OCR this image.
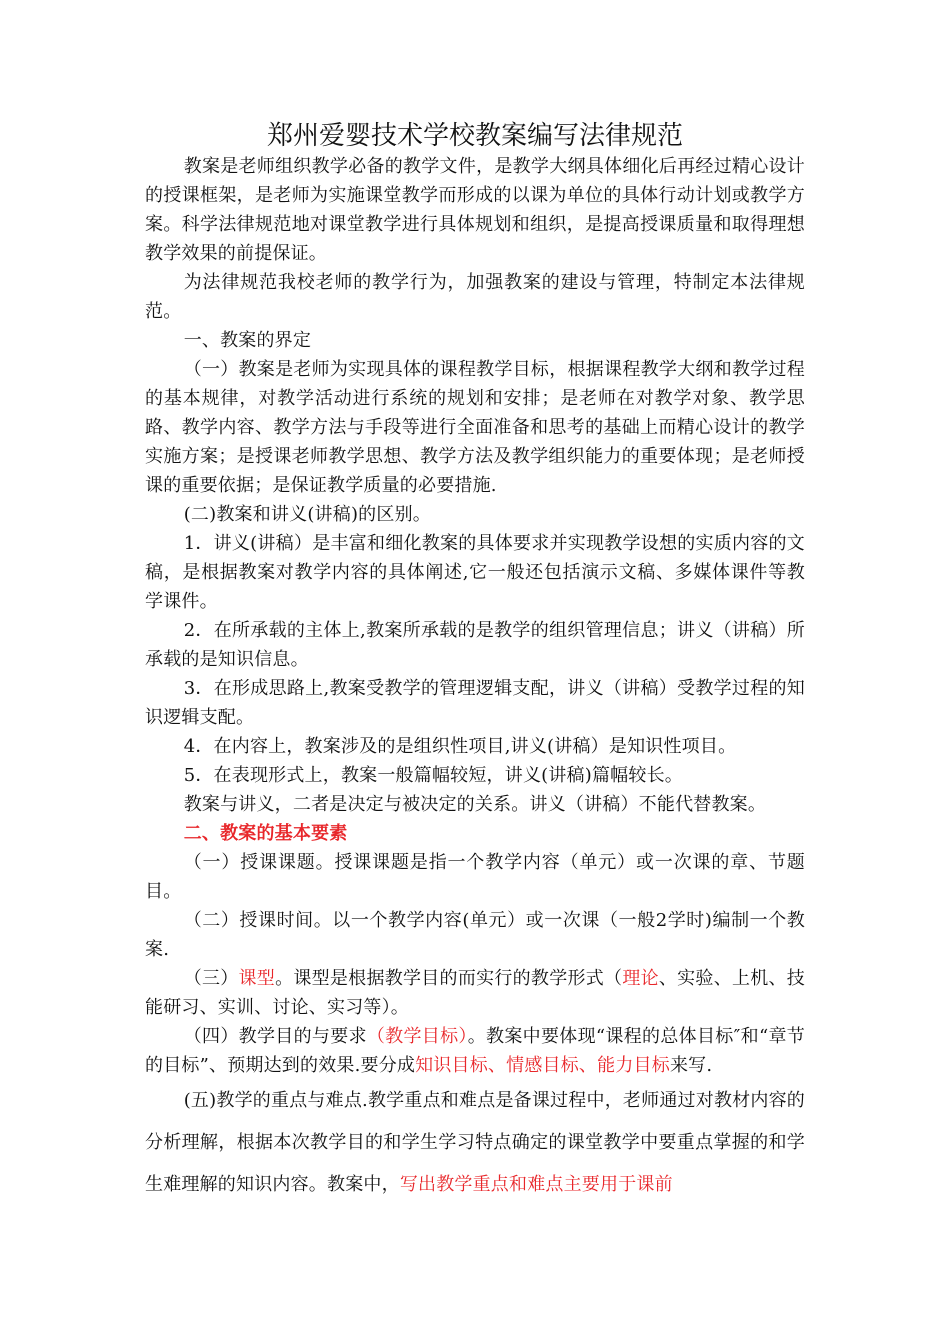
郑州爱婴技术学校教案编写法律规范

教案是老师组织教学必备的教学文件，是教学大纲具体细化后再经过精心设计的授课框架，是老师为实施课堂教学而形成的以课为单位的具体行动计划或教学方案。科学法律规范地对课堂教学进行具体规划和组织，是提高授课质量和取得理想教学效果的前提保证。

为法律规范我校老师的教学行为，加强教案的建设与管理，特制定本法律规范。

一、教案的界定

（一）教案是老师为实现具体的课程教学目标，根据课程教学大纲和教学过程的基本规律，对教学活动进行系统的规划和安排；是老师在对教学对象、教学思路、教学内容、教学方法与手段等进行全面准备和思考的基础上而精心设计的教学实施方案；是授课老师教学思想、教学方法及教学组织能力的重要体现；是老师授课的重要依据；是保证教学质量的必要措施.

(二)教案和讲义(讲稿)的区别。

1．讲义(讲稿）是丰富和细化教案的具体要求并实现教学设想的实质内容的文稿，是根据教案对教学内容的具体阐述,它一般还包括演示文稿、多媒体课件等教学课件。

2．在所承载的主体上,教案所承载的是教学的组织管理信息；讲义（讲稿）所承载的是知识信息。

3．在形成思路上,教案受教学的管理逻辑支配，讲义（讲稿）受教学过程的知识逻辑支配。

4．在内容上，教案涉及的是组织性项目,讲义(讲稿）是知识性项目。

5．在表现形式上，教案一般篇幅较短，讲义(讲稿)篇幅较长。

教案与讲义，二者是决定与被决定的关系。讲义（讲稿）不能代替教案。

二、教案的基本要素

（一）授课课题。授课课题是指一个教学内容（单元）或一次课的章、节题目。

（二）授课时间。以一个教学内容(单元）或一次课（一般2学时)编制一个教案.

（三）课型。课型是根据教学目的而实行的教学形式（理论、实验、上机、技能研习、实训、讨论、实习等）。

（四）教学目的与要求（教学目标）。教案中要体现“课程的总体目标″和“章节的目标”、预期达到的效果.要分成知识目标、情感目标、能力目标来写.

(五)教学的重点与难点.教学重点和难点是备课过程中，老师通过对教材内容的分析理解，根据本次教学目的和学生学习特点确定的课堂教学中要重点掌握的和学生难理解的知识内容。教案中，写出教学重点和难点主要用于课前
